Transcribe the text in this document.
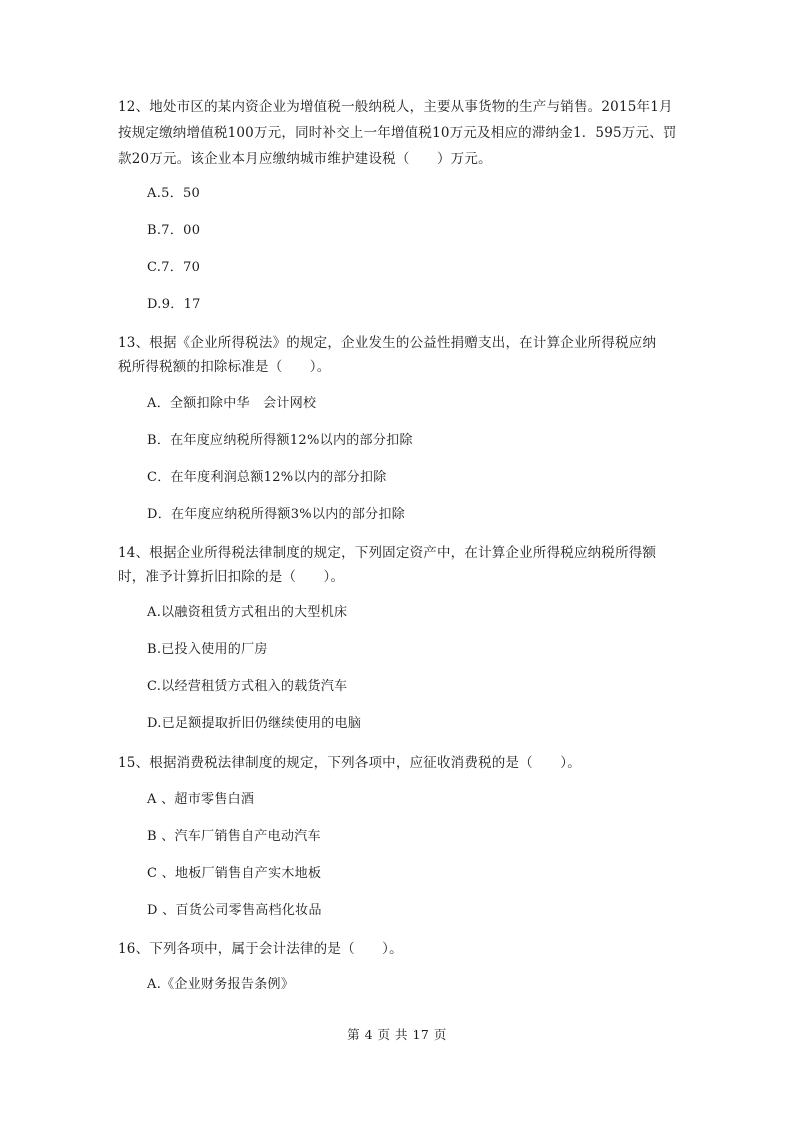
12、地处市区的某内资企业为增值税一般纳税人，主要从事货物的生产与销售。2015年1月
按规定缴纳增值税100万元，同时补交上一年增值税10万元及相应的滞纳金1．595万元、罚
款20万元。该企业本月应缴纳城市维护建设税（　　）万元。
A.5．50
B.7．00
C.7．70
D.9．17
13、根据《企业所得税法》的规定，企业发生的公益性捐赠支出，在计算企业所得税应纳
税所得税额的扣除标准是（　　）。
A．全额扣除中华　会计网校
B．在年度应纳税所得额12%以内的部分扣除
C．在年度利润总额12%以内的部分扣除
D．在年度应纳税所得额3%以内的部分扣除
14、根据企业所得税法律制度的规定，下列固定资产中，在计算企业所得税应纳税所得额
时，准予计算折旧扣除的是（　　）。
A.以融资租赁方式租出的大型机床
B.已投入使用的厂房
C.以经营租赁方式租入的载货汽车
D.已足额提取折旧仍继续使用的电脑
15、根据消费税法律制度的规定，下列各项中，应征收消费税的是（　　）。
A 、超市零售白酒
B 、汽车厂销售自产电动汽车
C 、地板厂销售自产实木地板
D 、百货公司零售高档化妆品
16、下列各项中，属于会计法律的是（　　）。
A.《企业财务报告条例》
第 4 页 共 17 页
